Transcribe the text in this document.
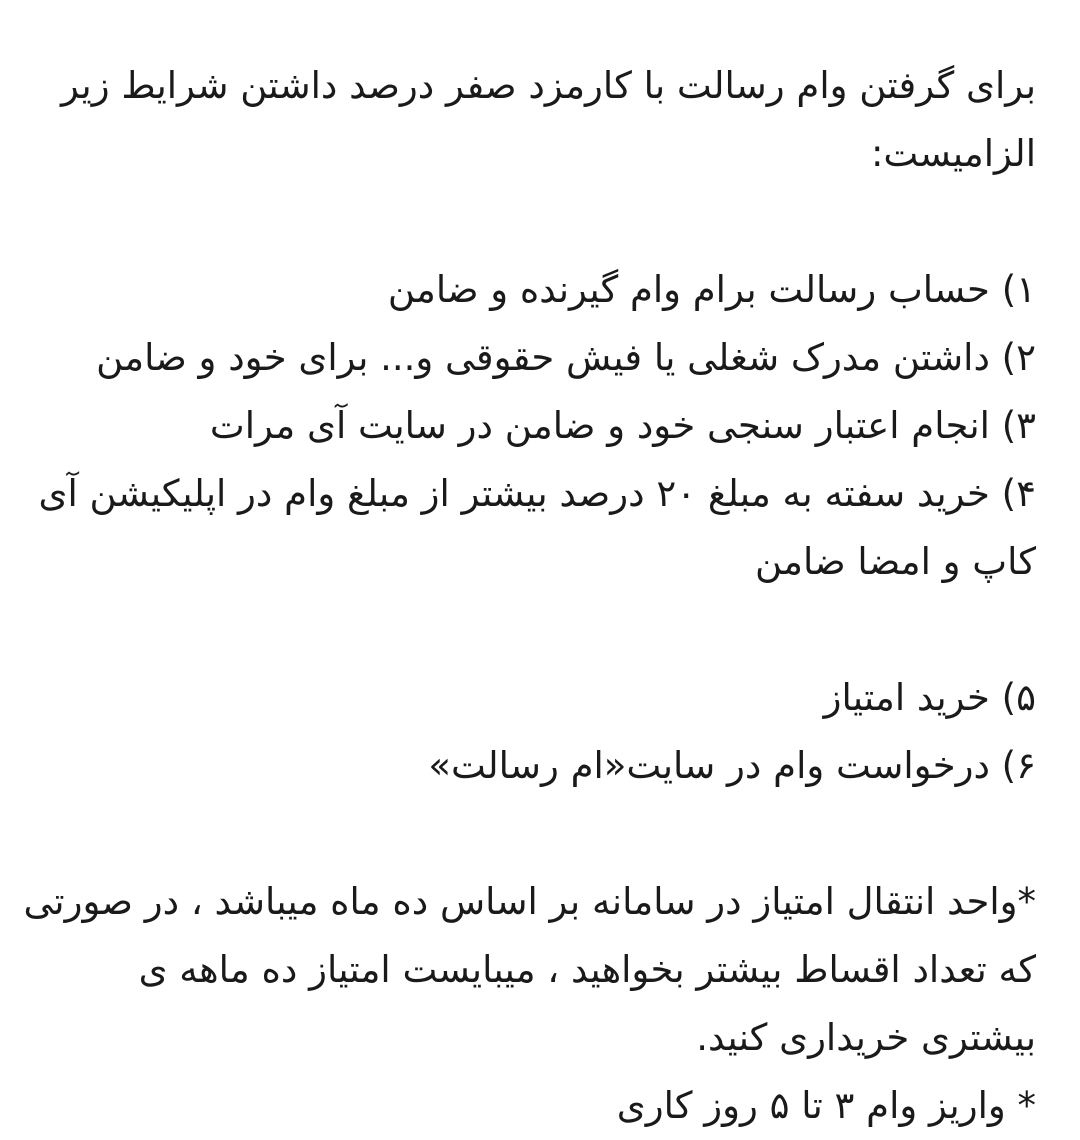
برای گرفتن وام رسالت با کارمزد صفر درصد داشتن شرایط زیر
الزامیست:
۱) حساب رسالت برام وام گیرنده و ضامن
۲) داشتن مدرک شغلی یا فیش حقوقی و... برای خود و ضامن
۳) انجام اعتبار سنجی خود و ضامن در سایت آی مرات
۴) خرید سفته به مبلغ ۲۰ درصد بیشتر از مبلغ وام در اپلیکیشن آی
کاپ و امضا ضامن
۵) خرید امتیاز
۶) درخواست وام در سایت«ام رسالت»
*واحد انتقال امتیاز در سامانه بر اساس ده ماه میباشد ، در صورتی
که تعداد اقساط بیشتر بخواهید ، میبایست امتیاز ده ماهه ی
بیشتری خریداری کنید.
* واریز وام ۳ تا ۵ روز کاری
